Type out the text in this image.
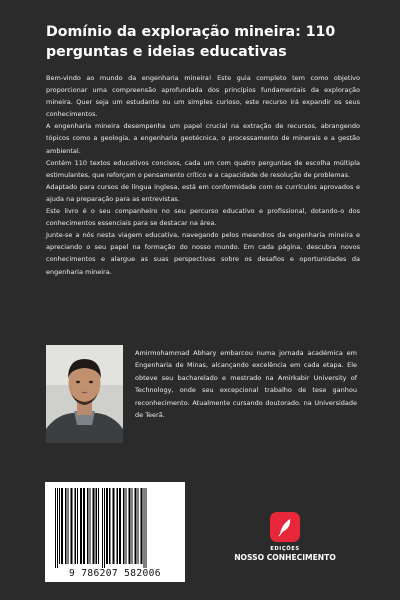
Domínio da exploração mineira: 110 perguntas e ideias educativas

Bem-vindo ao mundo da engenharia mineira! Este guia completo tem como objetivo proporcionar uma compreensão aprofundada dos princípios fundamentais da exploração mineira. Quer seja um estudante ou um simples curioso, este recurso irá expandir os seus conhecimentos.

A engenharia mineira desempenha um papel crucial na extração de recursos, abrangendo tópicos como a geologia, a engenharia geotécnica, o processamento de minerais e a gestão ambiental.

Contém 110 textos educativos concisos, cada um com quatro perguntas de escolha múltipla estimulantes, que reforçam o pensamento crítico e a capacidade de resolução de problemas.

Adaptado para cursos de língua inglesa, está em conformidade com os currículos aprovados e ajuda na preparação para as entrevistas.

Este livro é o seu companheiro no seu percurso educativo e profissional, dotando-o dos conhecimentos essenciais para se destacar na área.

Junte-se a nós nesta viagem educativa, navegando pelos meandros da engenharia mineira e apreciando o seu papel na formação do nosso mundo. Em cada página, descubra novos conhecimentos e alargue as suas perspectivas sobre os desafios e oportunidades da engenharia mineira.

Amirmohammad Abhary embarcou numa jornada académica em Engenharia de Minas, alcançando excelência em cada etapa. Ele obteve seu bacharelado e mestrado na Amirkabir University of Technology, onde seu excepcional trabalho de tese ganhou reconhecimento. Atualmente cursando doutorado. na Universidade de Teerã.

9 786207 582006
EDIÇÕES
NOSSO CONHECIMENTO
